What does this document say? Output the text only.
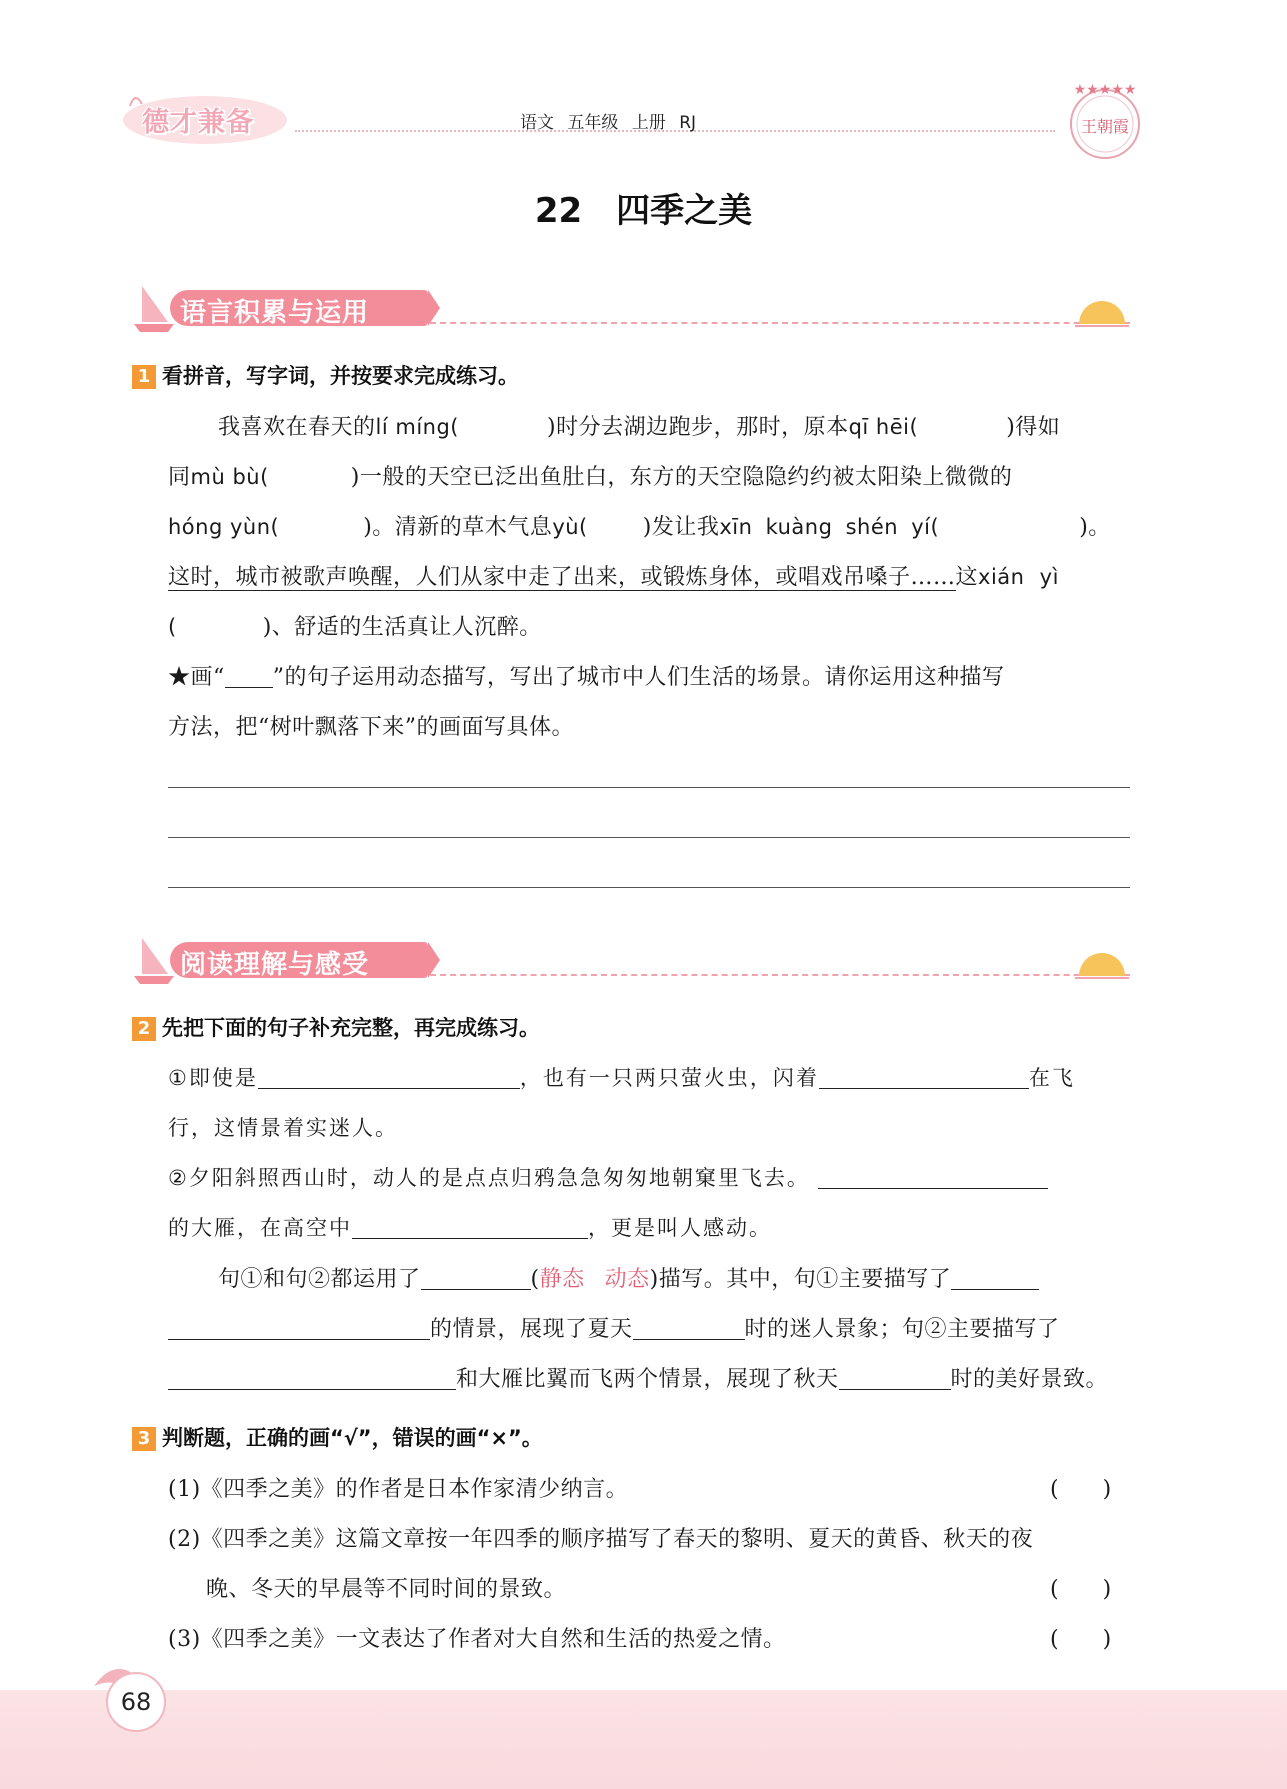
德才兼备	语文 五年级 上册 RJ
★★★★★
王朝霞
22　四季之美
语言积累与运用
1 看拼音，写字词，并按要求完成练习。
我喜欢在春天的lí míng(	)时分去湖边跑步，那时，原本qī hēi(	)得如
同mù bù(	)一般的天空已泛出鱼肚白，东方的天空隐隐约约被太阳染上微微的
hóng yùn(	)。清新的草木气息yù(	)发让我xīn kuàng shén yí(	)。
这时，城市被歌声唤醒，人们从家中走了出来，或锻炼身体，或唱戏吊嗓子……这xián yì
(	)、舒适的生活真让人沉醉。
★画“ ”的句子运用动态描写，写出了城市中人们生活的场景。请你运用这种描写
方法，把“树叶飘落下来”的画面写具体。
阅读理解与感受
2 先把下面的句子补充完整，再完成练习。
①即使是	，也有一只两只萤火虫，闪着	在飞
行，这情景着实迷人。
②夕阳斜照西山时，动人的是点点归鸦急急匆匆地朝窠里飞去。
的大雁，在高空中	，更是叫人感动。
句①和句②都运用了	(静态 动态)描写。其中，句①主要描写了
的情景，展现了夏天	时的迷人景象；句②主要描写了
和大雁比翼而飞两个情景，展现了秋天	时的美好景致。
3 判断题，正确的画“√”，错误的画“×”。
(1)《四季之美》的作者是日本作家清少纳言。	(　　)
(2)《四季之美》这篇文章按一年四季的顺序描写了春天的黎明、夏天的黄昏、秋天的夜
晚、冬天的早晨等不同时间的景致。	(　　)
(3)《四季之美》一文表达了作者对大自然和生活的热爱之情。	(　　)
68
